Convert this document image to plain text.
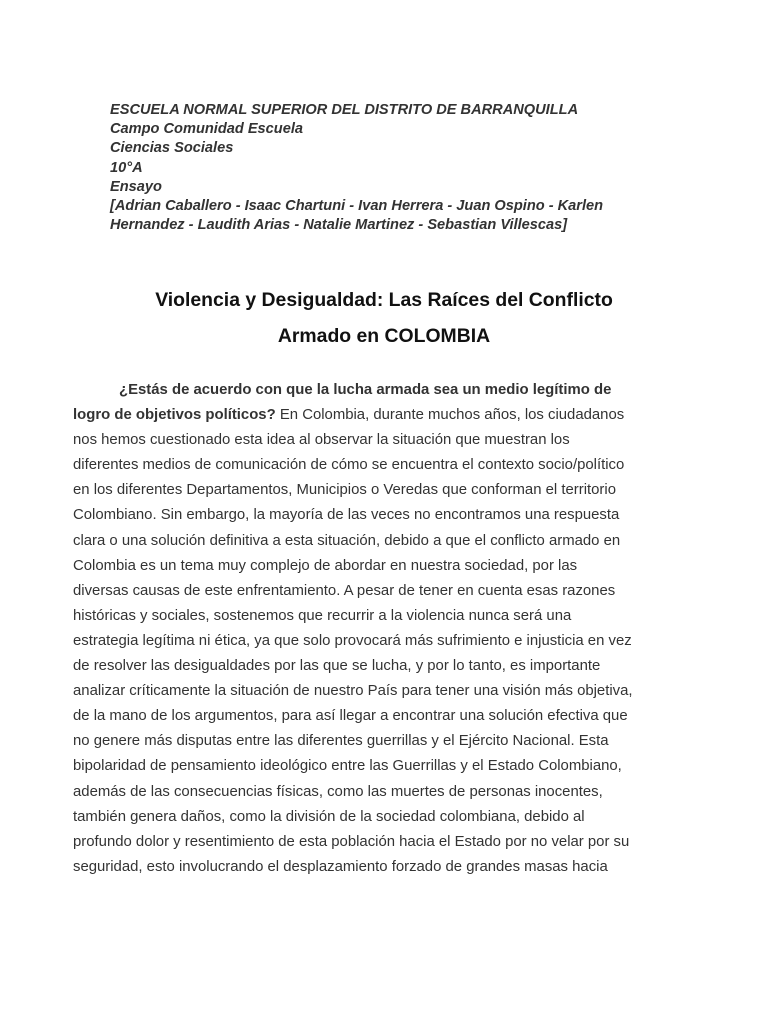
ESCUELA NORMAL SUPERIOR DEL DISTRITO DE BARRANQUILLA
Campo Comunidad Escuela
Ciencias Sociales
10°A
Ensayo
[Adrian Caballero - Isaac Chartuni - Ivan Herrera - Juan Ospino - Karlen
Hernandez - Laudith Arias - Natalie Martinez - Sebastian Villescas]
Violencia y Desigualdad: Las Raíces del Conflicto
Armado en COLOMBIA
¿Estás de acuerdo con que la lucha armada sea un medio legítimo de
logro de objetivos políticos? En Colombia, durante muchos años, los ciudadanos
nos hemos cuestionado esta idea al observar la situación que muestran los
diferentes medios de comunicación de cómo se encuentra el contexto socio/político
en los diferentes Departamentos, Municipios o Veredas que conforman el territorio
Colombiano. Sin embargo, la mayoría de las veces no encontramos una respuesta
clara o una solución definitiva a esta situación, debido a que el conflicto armado en
Colombia es un tema muy complejo de abordar en nuestra sociedad, por las
diversas causas de este enfrentamiento. A pesar de tener en cuenta esas razones
históricas y sociales, sostenemos que recurrir a la violencia nunca será una
estrategia legítima ni ética, ya que solo provocará más sufrimiento e injusticia en vez
de resolver las desigualdades por las que se lucha, y por lo tanto, es importante
analizar críticamente la situación de nuestro País para tener una visión más objetiva,
de la mano de los argumentos, para así llegar a encontrar una solución efectiva que
no genere más disputas entre las diferentes guerrillas y el Ejército Nacional. Esta
bipolaridad de pensamiento ideológico entre las Guerrillas y el Estado Colombiano,
además de las consecuencias físicas, como las muertes de personas inocentes,
también genera daños, como la división de la sociedad colombiana, debido al
profundo dolor y resentimiento de esta población hacia el Estado por no velar por su
seguridad, esto involucrando el desplazamiento forzado de grandes masas hacia
